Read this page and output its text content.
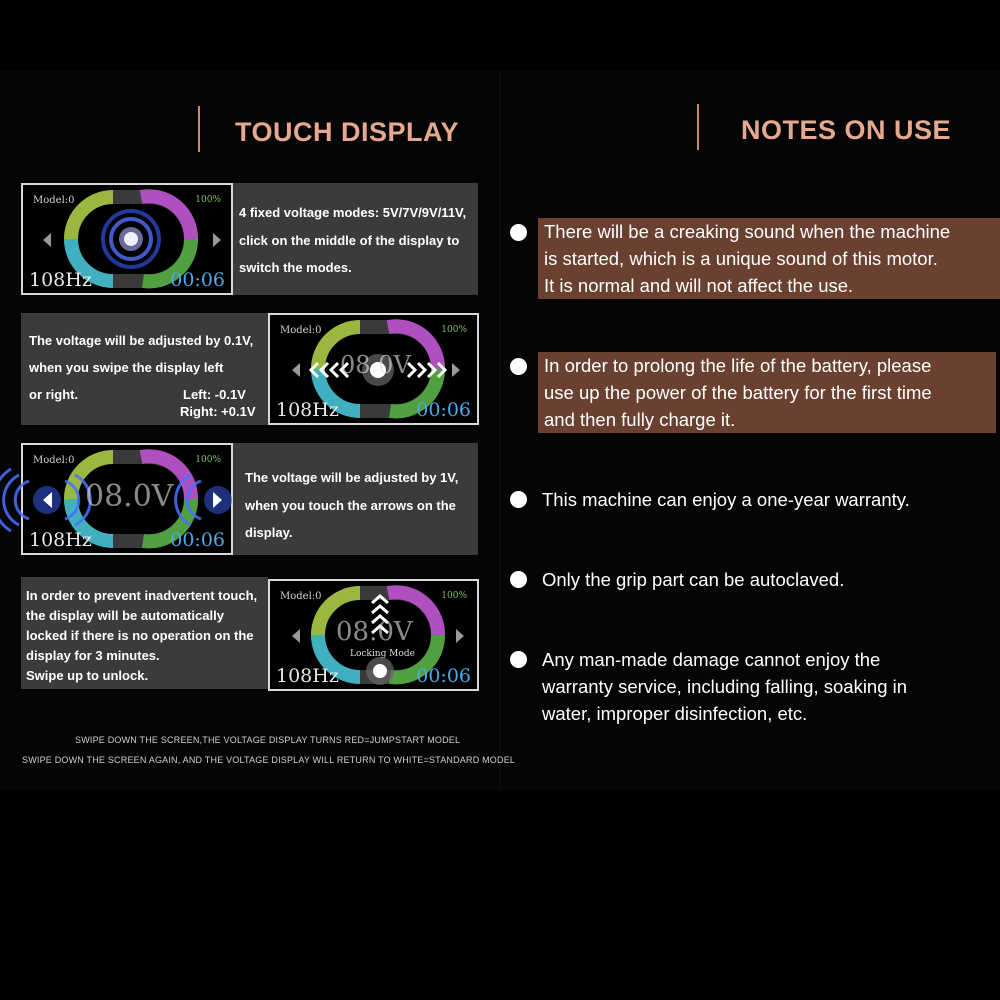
TOUCH DISPLAY	NOTES ON USE
Model:0	100%
108Hz	00:06
4 fixed voltage modes: 5V/7V/9V/11V,
click on the middle of the display to
switch the modes.
The voltage will be adjusted by 0.1V,
when you swipe the display left
or right.	Left: -0.1V
Right: +0.1V
08.0V
Model:0	100%
108Hz	00:06
08.0V
Model:0	100%
108Hz	00:06
The voltage will be adjusted by 1V,
when you touch the arrows on the
display.
In order to prevent inadvertent touch,
the display will be automatically
locked if there is no operation on the
display for 3 minutes.
Swipe up to unlock.
08.0V
Locking Mode
Model:0	100%
108Hz	00:06
SWIPE DOWN THE SCREEN,THE VOLTAGE DISPLAY TURNS RED=JUMPSTART MODEL
SWIPE DOWN THE SCREEN AGAIN, AND THE VOLTAGE DISPLAY WILL RETURN TO WHITE=STANDARD MODEL
There will be a creaking sound when the machine
is started, which is a unique sound of this motor.
It is normal and will not affect the use.
In order to prolong the life of the battery, please
use up the power of the battery for the first time
and then fully charge it.
This machine can enjoy a one-year warranty.
Only the grip part can be autoclaved.
Any man-made damage cannot enjoy the
warranty service, including falling, soaking in
water, improper disinfection, etc.
